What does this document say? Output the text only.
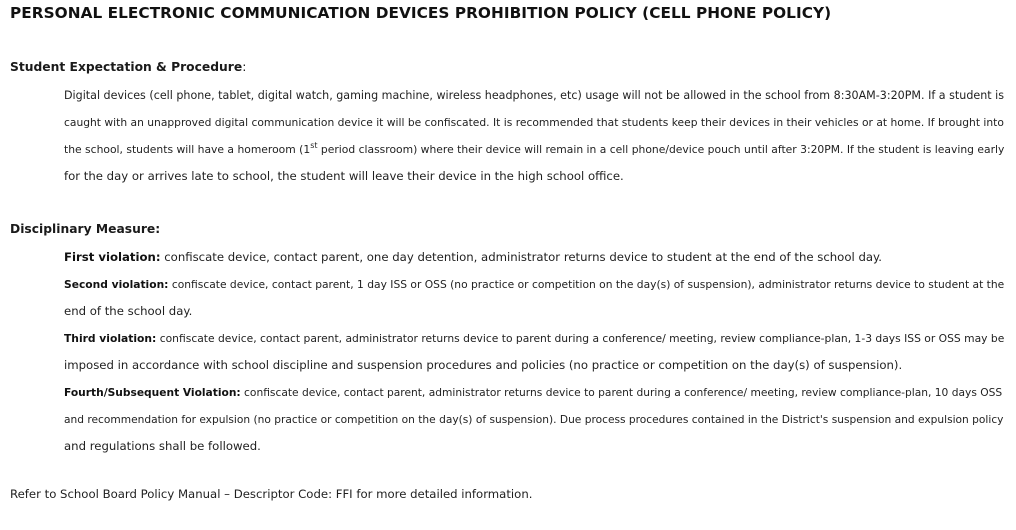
PERSONAL ELECTRONIC COMMUNICATION DEVICES PROHIBITION POLICY (CELL PHONE POLICY)
Student Expectation & Procedure:
Digital devices (cell phone, tablet, digital watch, gaming machine, wireless headphones, etc) usage will not be allowed in the school from 8:30AM-3:20PM. If a student is
caught with an unapproved digital communication device it will be confiscated. It is recommended that students keep their devices in their vehicles or at home. If brought into
the school, students will have a homeroom (1st period classroom) where their device will remain in a cell phone/device pouch until after 3:20PM. If the student is leaving early
for the day or arrives late to school, the student will leave their device in the high school office.
Disciplinary Measure:
First violation: confiscate device, contact parent, one day detention, administrator returns device to student at the end of the school day.
Second violation: confiscate device, contact parent, 1 day ISS or OSS (no practice or competition on the day(s) of suspension), administrator returns device to student at the
end of the school day.
Third violation: confiscate device, contact parent, administrator returns device to parent during a conference/ meeting, review compliance-plan, 1-3 days ISS or OSS may be
imposed in accordance with school discipline and suspension procedures and policies (no practice or competition on the day(s) of suspension).
Fourth/Subsequent Violation: confiscate device, contact parent, administrator returns device to parent during a conference/ meeting, review compliance-plan, 10 days OSS
and recommendation for expulsion (no practice or competition on the day(s) of suspension). Due process procedures contained in the District's suspension and expulsion policy
and regulations shall be followed.
Refer to School Board Policy Manual – Descriptor Code: FFI for more detailed information.
